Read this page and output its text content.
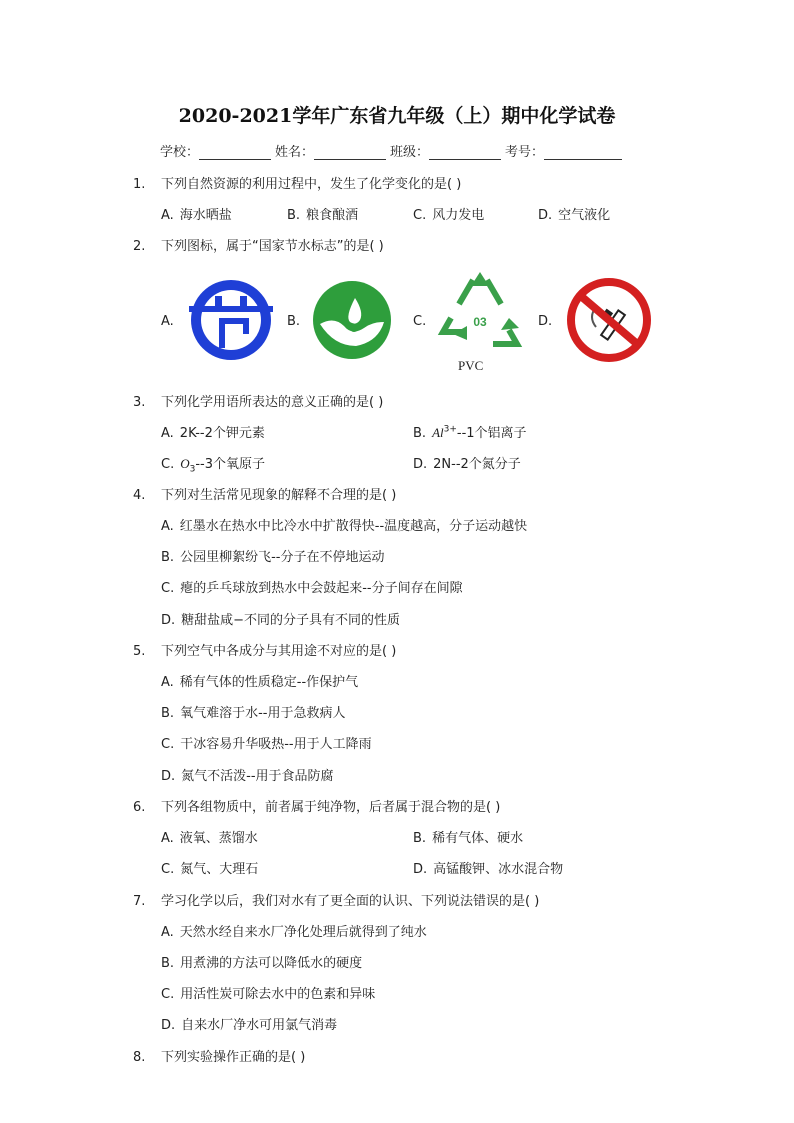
2020-2021学年广东省九年级（上）期中化学试卷
学校：	姓名：	班级：	考号：
1. 下列自然资源的利用过程中，发生了化学变化的是( )
A. 海水晒盐	B. 粮食酿酒	C. 风力发电	D. 空气液化
2. 下列图标，属于“国家节水标志”的是( )
A.	B.	C.	03
PVC
D.
3. 下列化学用语所表达的意义正确的是( )
A. 2K--2个钾元素	B. $Al^{3+}--1$个铝离子
C. $O_3--3$个氧原子	D. 2N--2个氮分子
4. 下列对生活常见现象的解释不合理的是( )
A. 红墨水在热水中比冷水中扩散得快--温度越高，分子运动越快
B. 公园里柳絮纷飞--分子在不停地运动
C. 瘪的乒乓球放到热水中会鼓起来--分子间存在间隙
D. 糖甜盐咸−不同的分子具有不同的性质
5. 下列空气中各成分与其用途不对应的是( )
A. 稀有气体的性质稳定--作保护气
B. 氧气难溶于水--用于急救病人
C. 干冰容易升华吸热--用于人工降雨
D. 氮气不活泼--用于食品防腐
6. 下列各组物质中，前者属于纯净物，后者属于混合物的是( )
A. 液氧、蒸馏水	B. 稀有气体、硬水
C. 氮气、大理石	D. 高锰酸钾、冰水混合物
7. 学习化学以后，我们对水有了更全面的认识、下列说法错误的是( )
A. 天然水经自来水厂净化处理后就得到了纯水
B. 用煮沸的方法可以降低水的硬度
C. 用活性炭可除去水中的色素和异味
D. 自来水厂净水可用氯气消毒
8. 下列实验操作正确的是( )
